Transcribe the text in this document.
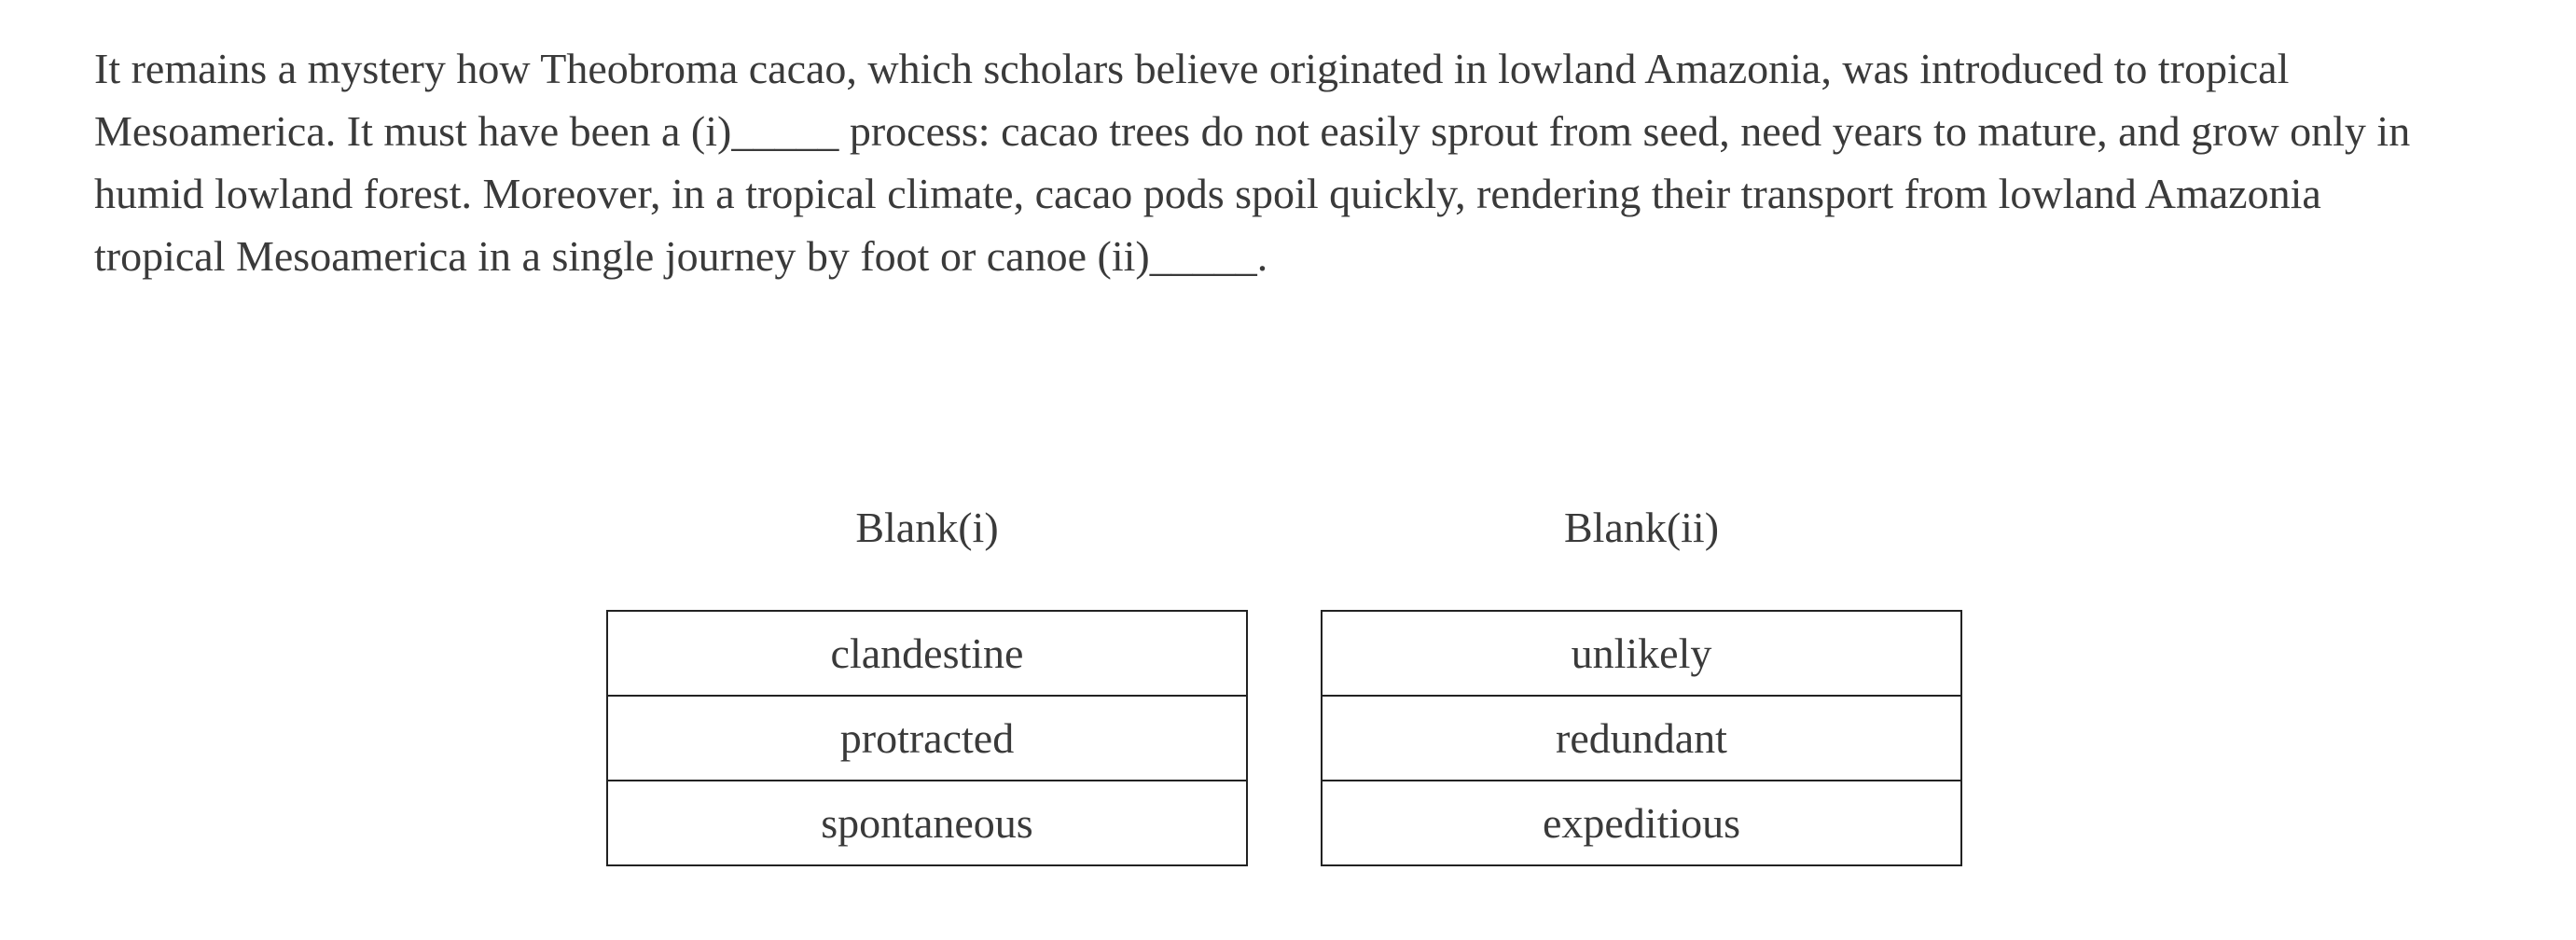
It remains a mystery how Theobroma cacao, which scholars believe originated in lowland Amazonia, was introduced to tropical
Mesoamerica. It must have been a (i)_____ process: cacao trees do not easily sprout from seed, need years to mature, and grow only in
humid lowland forest. Moreover, in a tropical climate, cacao pods spoil quickly, rendering their transport from lowland Amazonia
tropical Mesoamerica in a single journey by foot or canoe (ii)_____.
Blank(i)	Blank(ii)
clandestine
protracted
spontaneous
unlikely
redundant
expeditious
